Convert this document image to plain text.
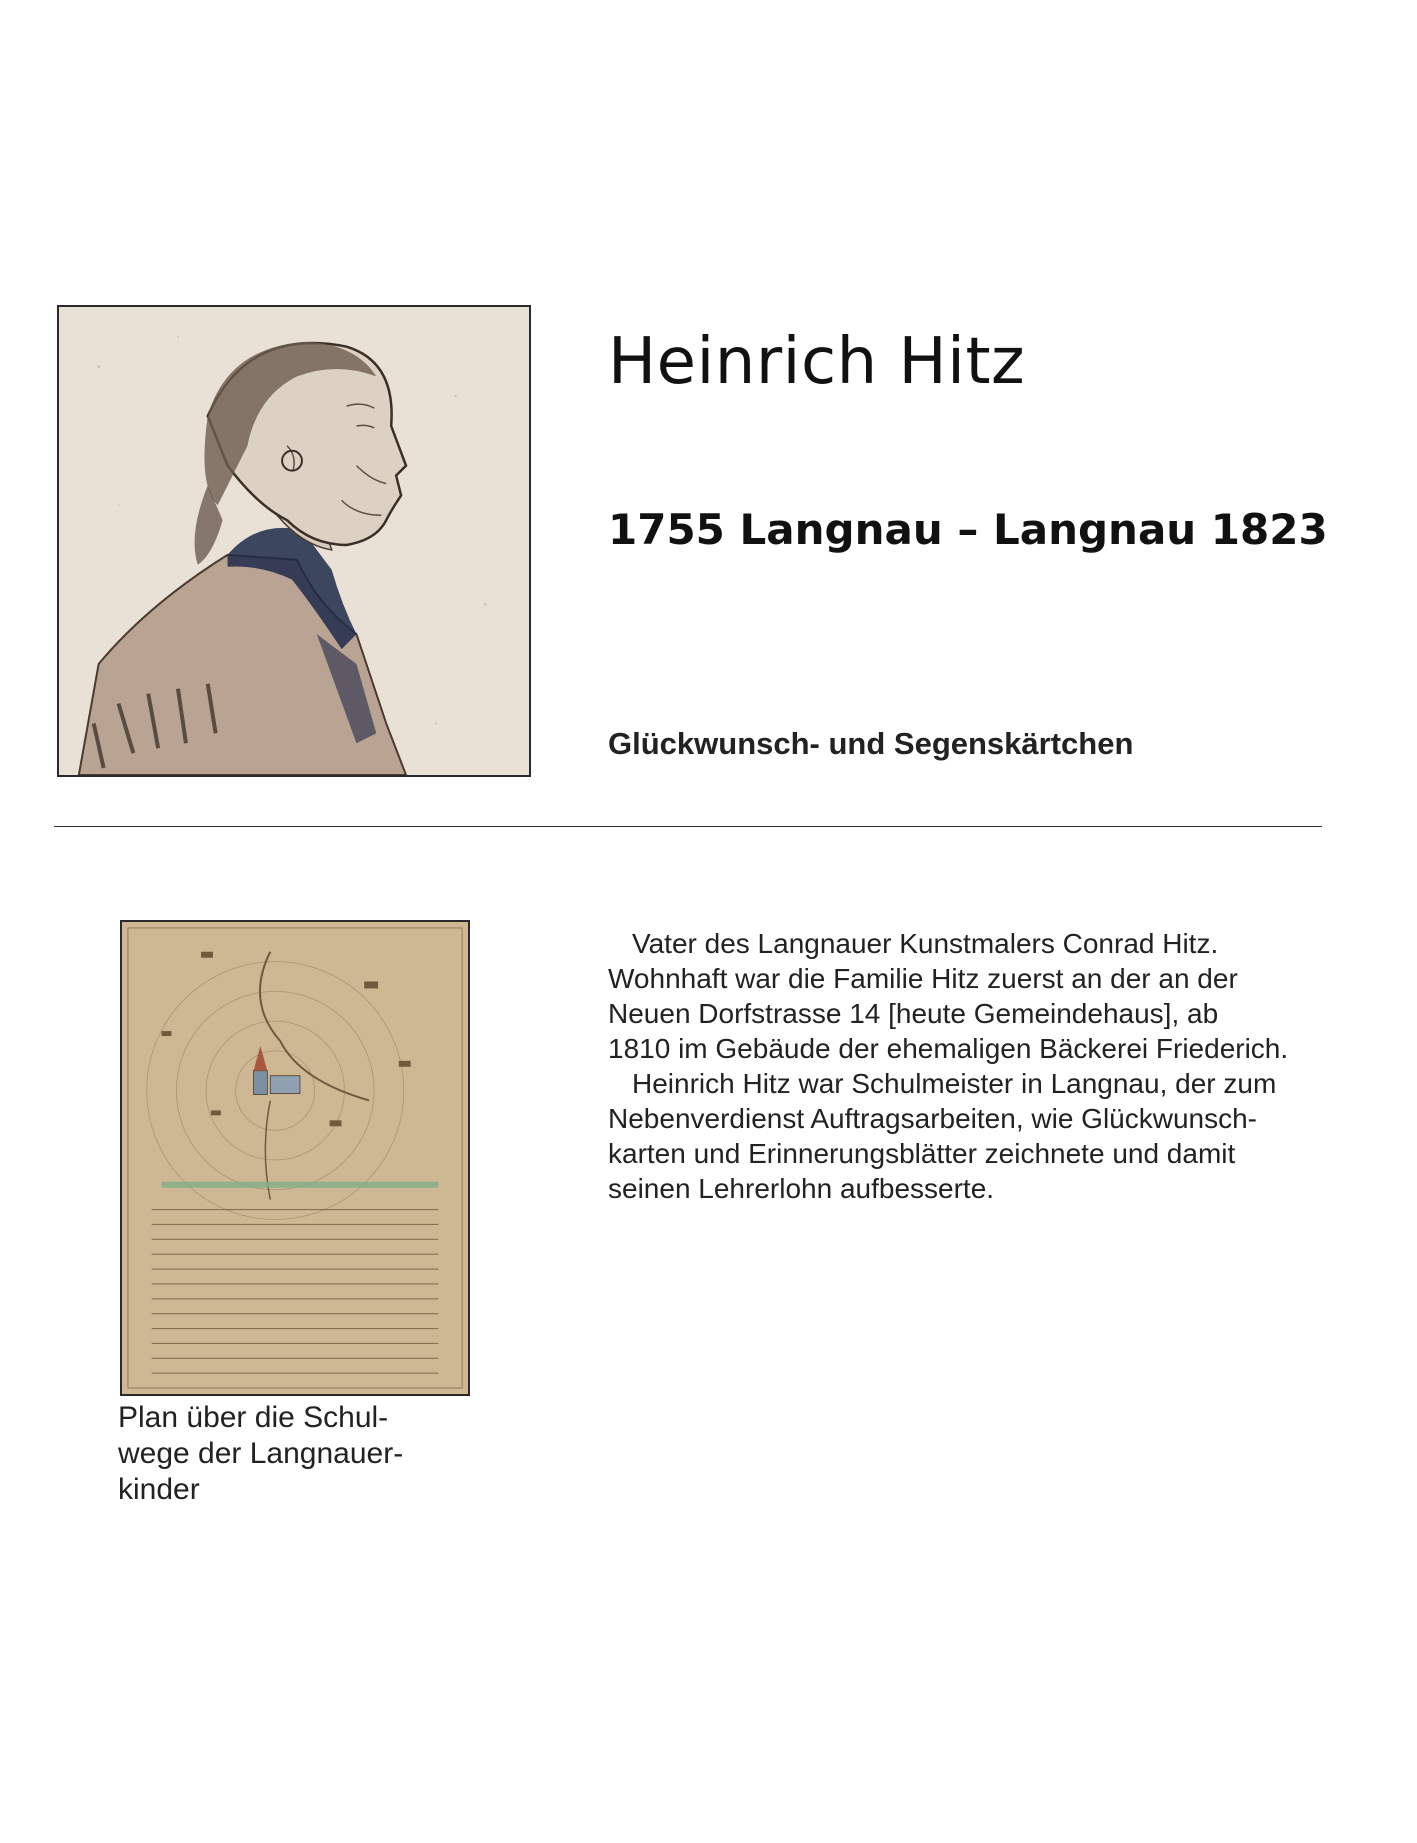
Heinrich Hitz
1755 Langnau – Langnau 1823
Glückwunsch- und Segenskärtchen

Plan über die Schul-
wege der Langnauer-
kinder

Vater des Langnauer Kunstmalers Conrad Hitz.
Wohnhaft war die Familie Hitz zuerst an der an der
Neuen Dorfstrasse 14 [heute Gemeindehaus], ab
1810 im Gebäude der ehemaligen Bäckerei Friederich.
Heinrich Hitz war Schulmeister in Langnau, der zum
Nebenverdienst Auftragsarbeiten, wie Glückwunsch-
karten und Erinnerungsblätter zeichnete und damit
seinen Lehrerlohn aufbesserte.
